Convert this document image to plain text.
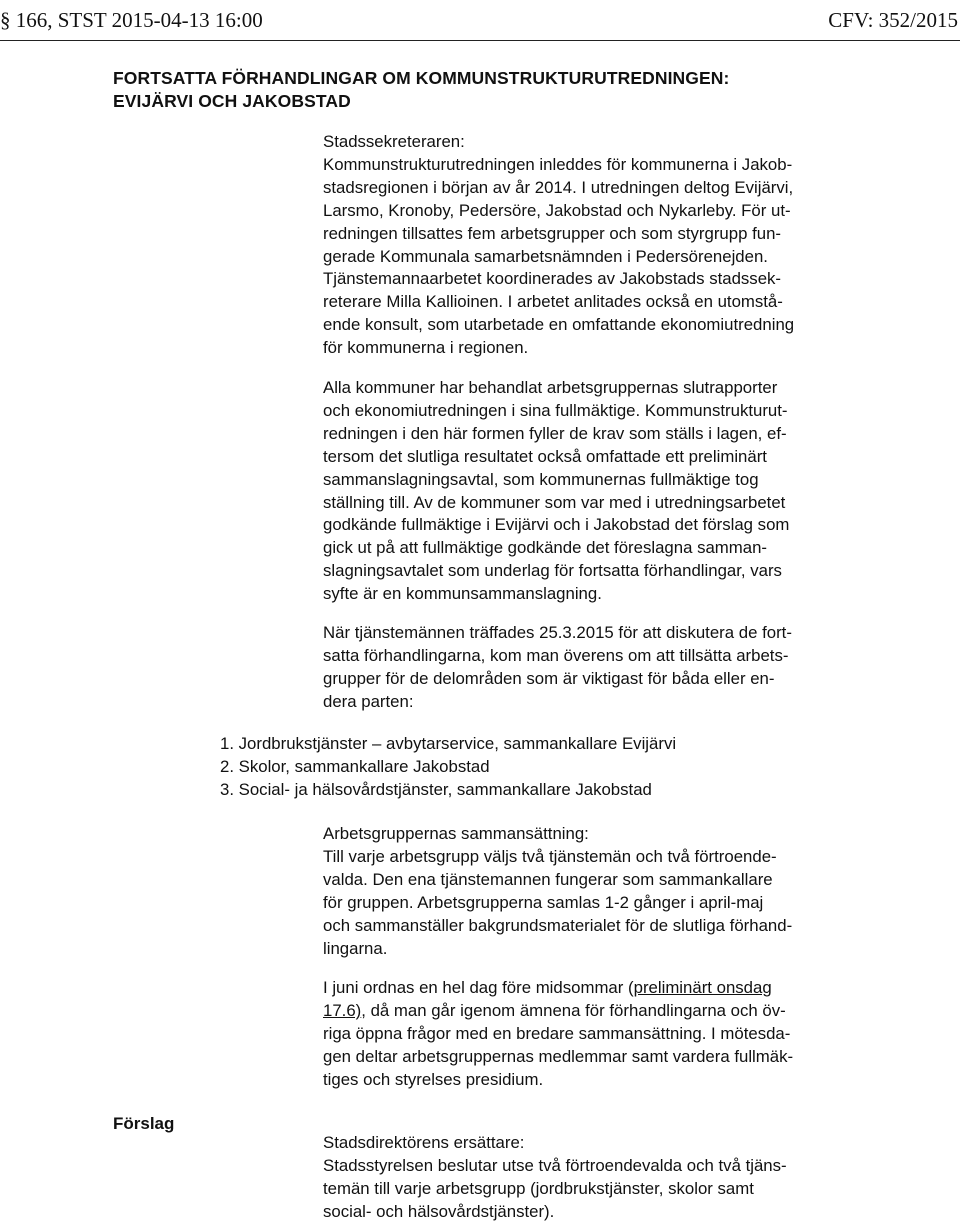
§ 166, STST 2015-04-13 16:00	CFV: 352/2015
FORTSATTA FÖRHANDLINGAR OM KOMMUNSTRUKTURUTREDNINGEN:
EVIJÄRVI OCH JAKOBSTAD
Stadssekreteraren:
Kommunstrukturutredningen inleddes för kommunerna i Jakob-
stadsregionen i början av år 2014. I utredningen deltog Evijärvi,
Larsmo, Kronoby, Pedersöre, Jakobstad och Nykarleby. För ut-
redningen tillsattes fem arbetsgrupper och som styrgrupp fun-
gerade Kommunala samarbetsnämnden i Pedersörenejden.
Tjänstemannaarbetet koordinerades av Jakobstads stadssek-
reterare Milla Kallioinen. I arbetet anlitades också en utomstå-
ende konsult, som utarbetade en omfattande ekonomiutredning
för kommunerna i regionen.
Alla kommuner har behandlat arbetsgruppernas slutrapporter
och ekonomiutredningen i sina fullmäktige. Kommunstrukturut-
redningen i den här formen fyller de krav som ställs i lagen, ef-
tersom det slutliga resultatet också omfattade ett preliminärt
sammanslagningsavtal, som kommunernas fullmäktige tog
ställning till. Av de kommuner som var med i utredningsarbetet
godkände fullmäktige i Evijärvi och i Jakobstad det förslag som
gick ut på att fullmäktige godkände det föreslagna samman-
slagningsavtalet som underlag för fortsatta förhandlingar, vars
syfte är en kommunsammanslagning.
När tjänstemännen träffades 25.3.2015 för att diskutera de fort-
satta förhandlingarna, kom man överens om att tillsätta arbets-
grupper för de delområden som är viktigast för båda eller en-
dera parten:
1. Jordbrukstjänster – avbytarservice, sammankallare Evijärvi
2. Skolor, sammankallare Jakobstad
3. Social- ja hälsovårdstjänster, sammankallare Jakobstad
Arbetsgruppernas sammansättning:
Till varje arbetsgrupp väljs två tjänstemän och två förtroende-
valda. Den ena tjänstemannen fungerar som sammankallare
för gruppen. Arbetsgrupperna samlas 1-2 gånger i april-maj
och sammanställer bakgrundsmaterialet för de slutliga förhand-
lingarna.
I juni ordnas en hel dag före midsommar (preliminärt onsdag
17.6), då man går igenom ämnena för förhandlingarna och öv-
riga öppna frågor med en bredare sammansättning. I mötesda-
gen deltar arbetsgruppernas medlemmar samt vardera fullmäk-
tiges och styrelses presidium.
Förslag
Stadsdirektörens ersättare:
Stadsstyrelsen beslutar utse två förtroendevalda och två tjäns-
temän till varje arbetsgrupp (jordbrukstjänster, skolor samt
social- och hälsovårdstjänster).
